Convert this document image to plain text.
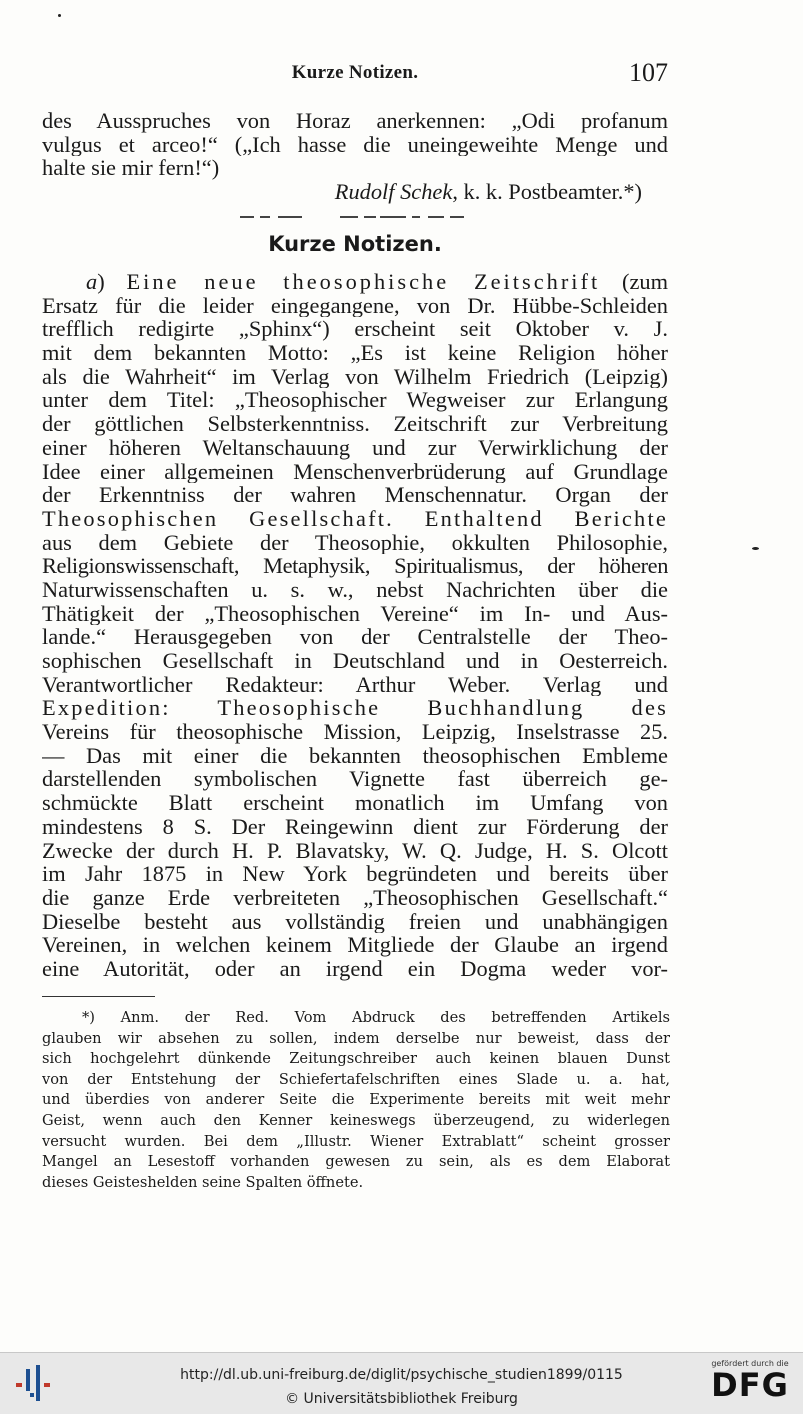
Kurze Notizen.	107
des Ausspruches von Horaz anerkennen: „Odi profanum
vulgus et arceo!“ („Ich hasse die uneingeweihte Menge und
halte sie mir fern!“)
Rudolf Schek, k. k. Postbeamter.*)
Kurze Notizen.
a) Eine neue theosophische Zeitschrift (zum
Ersatz für die leider eingegangene, von Dr. Hübbe-Schleiden
trefflich redigirte „Sphinx“) erscheint seit Oktober v. J.
mit dem bekannten Motto: „Es ist keine Religion höher
als die Wahrheit“ im Verlag von Wilhelm Friedrich (Leipzig)
unter dem Titel: „Theosophischer Wegweiser zur Erlangung
der göttlichen Selbsterkenntniss. Zeitschrift zur Verbreitung
einer höheren Weltanschauung und zur Verwirklichung der
Idee einer allgemeinen Menschenverbrüderung auf Grundlage
der Erkenntniss der wahren Menschennatur. Organ der
Theosophischen Gesellschaft. Enthaltend Berichte
aus dem Gebiete der Theosophie, okkulten Philosophie,
Religionswissenschaft, Metaphysik, Spiritualismus, der höheren
Naturwissenschaften u. s. w., nebst Nachrichten über die
Thätigkeit der „Theosophischen Vereine“ im In- und Aus-
lande.“ Herausgegeben von der Centralstelle der Theo-
sophischen Gesellschaft in Deutschland und in Oesterreich.
Verantwortlicher Redakteur: Arthur Weber. Verlag und
Expedition: Theosophische Buchhandlung des
Vereins für theosophische Mission, Leipzig, Inselstrasse 25.
— Das mit einer die bekannten theosophischen Embleme
darstellenden symbolischen Vignette fast überreich ge-
schmückte Blatt erscheint monatlich im Umfang von
mindestens 8 S. Der Reingewinn dient zur Förderung der
Zwecke der durch H. P. Blavatsky, W. Q. Judge, H. S. Olcott
im Jahr 1875 in New York begründeten und bereits über
die ganze Erde verbreiteten „Theosophischen Gesellschaft.“
Dieselbe besteht aus vollständig freien und unabhängigen
Vereinen, in welchen keinem Mitgliede der Glaube an irgend
eine Autorität, oder an irgend ein Dogma weder vor-
*) Anm. der Red. Vom Abdruck des betreffenden Artikels
glauben wir absehen zu sollen, indem derselbe nur beweist, dass der
sich hochgelehrt dünkende Zeitungschreiber auch keinen blauen Dunst
von der Entstehung der Schiefertafelschriften eines Slade u. a. hat,
und überdies von anderer Seite die Experimente bereits mit weit mehr
Geist, wenn auch den Kenner keineswegs überzeugend, zu widerlegen
versucht wurden. Bei dem „Illustr. Wiener Extrablatt“ scheint grosser
Mangel an Lesestoff vorhanden gewesen zu sein, als es dem Elaborat
dieses Geisteshelden seine Spalten öffnete.
http://dl.ub.uni-freiburg.de/diglit/psychische_studien1899/0115
© Universitätsbibliothek Freiburg
gefördert durch die
DFG
